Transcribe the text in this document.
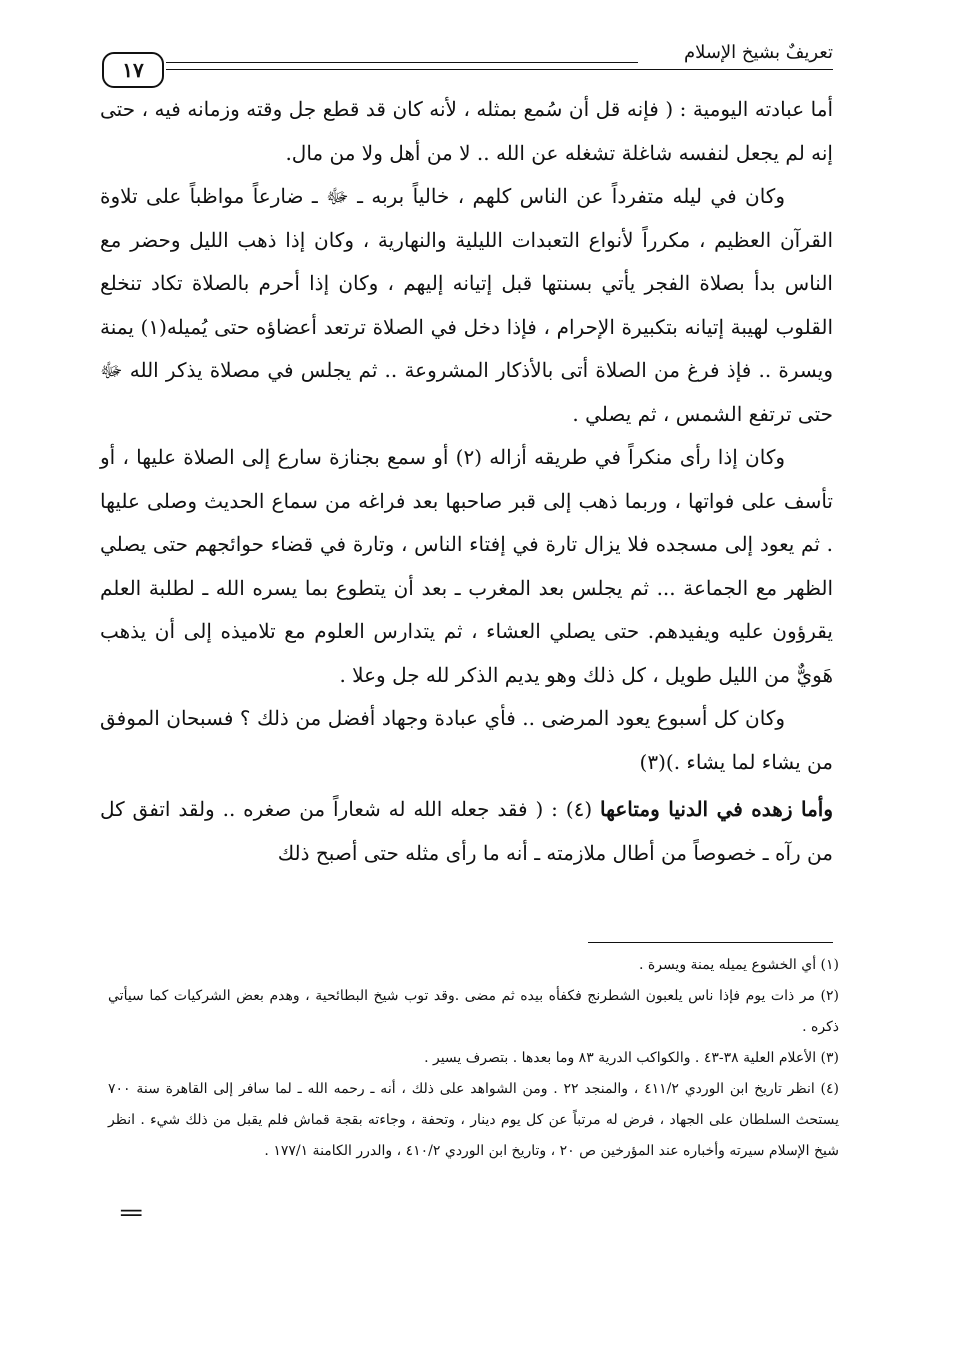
١٧
تعريفٌ بشيخ الإسلام

أما عبادته اليومية : ( فإنه قل أن سُمع بمثله ، لأنه كان قد قطع جل وقته وزمانه فيه ، حتى إنه لم يجعل لنفسه شاغلة تشغله عن الله .. لا من أهل ولا من مال.

وكان في ليله متفرداً عن الناس كلهم ، خالياً بربه ـ ﷻ ـ ضارعاً مواظباً على تلاوة القرآن العظيم ، مكرراً لأنواع التعبدات الليلية والنهارية ، وكان إذا ذهب الليل وحضر مع الناس بدأ بصلاة الفجر يأتي بسنتها قبل إتيانه إليهم ، وكان إذا أحرم بالصلاة تكاد تنخلع القلوب لهيبة إتيانه بتكبيرة الإحرام ، فإذا دخل في الصلاة ترتعد أعضاؤه حتى يُميله(١) يمنة ويسرة .. فإذ فرغ من الصلاة أتى بالأذكار المشروعة .. ثم يجلس في مصلاة يذكر الله ﷻ حتى ترتفع الشمس ، ثم يصلي .

وكان إذا رأى منكراً في طريقه أزاله (٢) أو سمع بجنازة سارع إلى الصلاة عليها ، أو تأسف على فواتها ، وربما ذهب إلى قبر صاحبها بعد فراغه من سماع الحديث وصلى عليها . ثم يعود إلى مسجده فلا يزال تارة في إفتاء الناس ، وتارة في قضاء حوائجهم حتى يصلي الظهر مع الجماعة ... ثم يجلس بعد المغرب ـ بعد أن يتطوع بما يسره الله ـ لطلبة العلم يقرؤون عليه ويفيدهم. حتى يصلي العشاء ، ثم يتدارس العلوم مع تلاميذه إلى أن يذهب هَويٌّ من الليل طويل ، كل ذلك وهو يديم الذكر لله جل وعلا .

وكان كل أسبوع يعود المرضى .. فأي عبادة وجهاد أفضل من ذلك ؟ فسبحان الموفق من يشاء لما يشاء .)(٣)

وأما زهده في الدنيا ومتاعها (٤) : ( فقد جعله الله له شعاراً من صغره .. ولقد اتفق كل من رآه ـ خصوصاً من أطال ملازمته ـ أنه ما رأى مثله حتى أصبح ذلك

(١) أي الخشوع يميله يمنة ويسرة .

(٢) مر ذات يوم فإذا ناس يلعبون الشطرنج فكفأه بيده ثم مضى .وقد توب شيخ البطائحية ، وهدم بعض الشركيات كما سيأتي ذكره .

(٣) الأعلام العلية ٣٨-٤٣ . والكواكب الدرية ٨٣ وما بعدها . بتصرف يسير .

(٤) انظر تاريخ ابن الوردي ٤١١/٢ ، والمنجد ٢٢ . ومن الشواهد على ذلك ، أنه ـ رحمه الله ـ لما سافر إلى القاهرة سنة ٧٠٠ يستحث السلطان على الجهاد ، فرض له مرتباً عن كل يوم دينار ، وتحفة ، وجاءته بقجة قماش فلم يقبل من ذلك شيء . انظر شيخ الإسلام سيرته وأخباره عند المؤرخين ص ٢٠ ، وتاريخ ابن الوردي ٤١٠/٢ ، والدرر الكامنة ١٧٧/١ .

=
